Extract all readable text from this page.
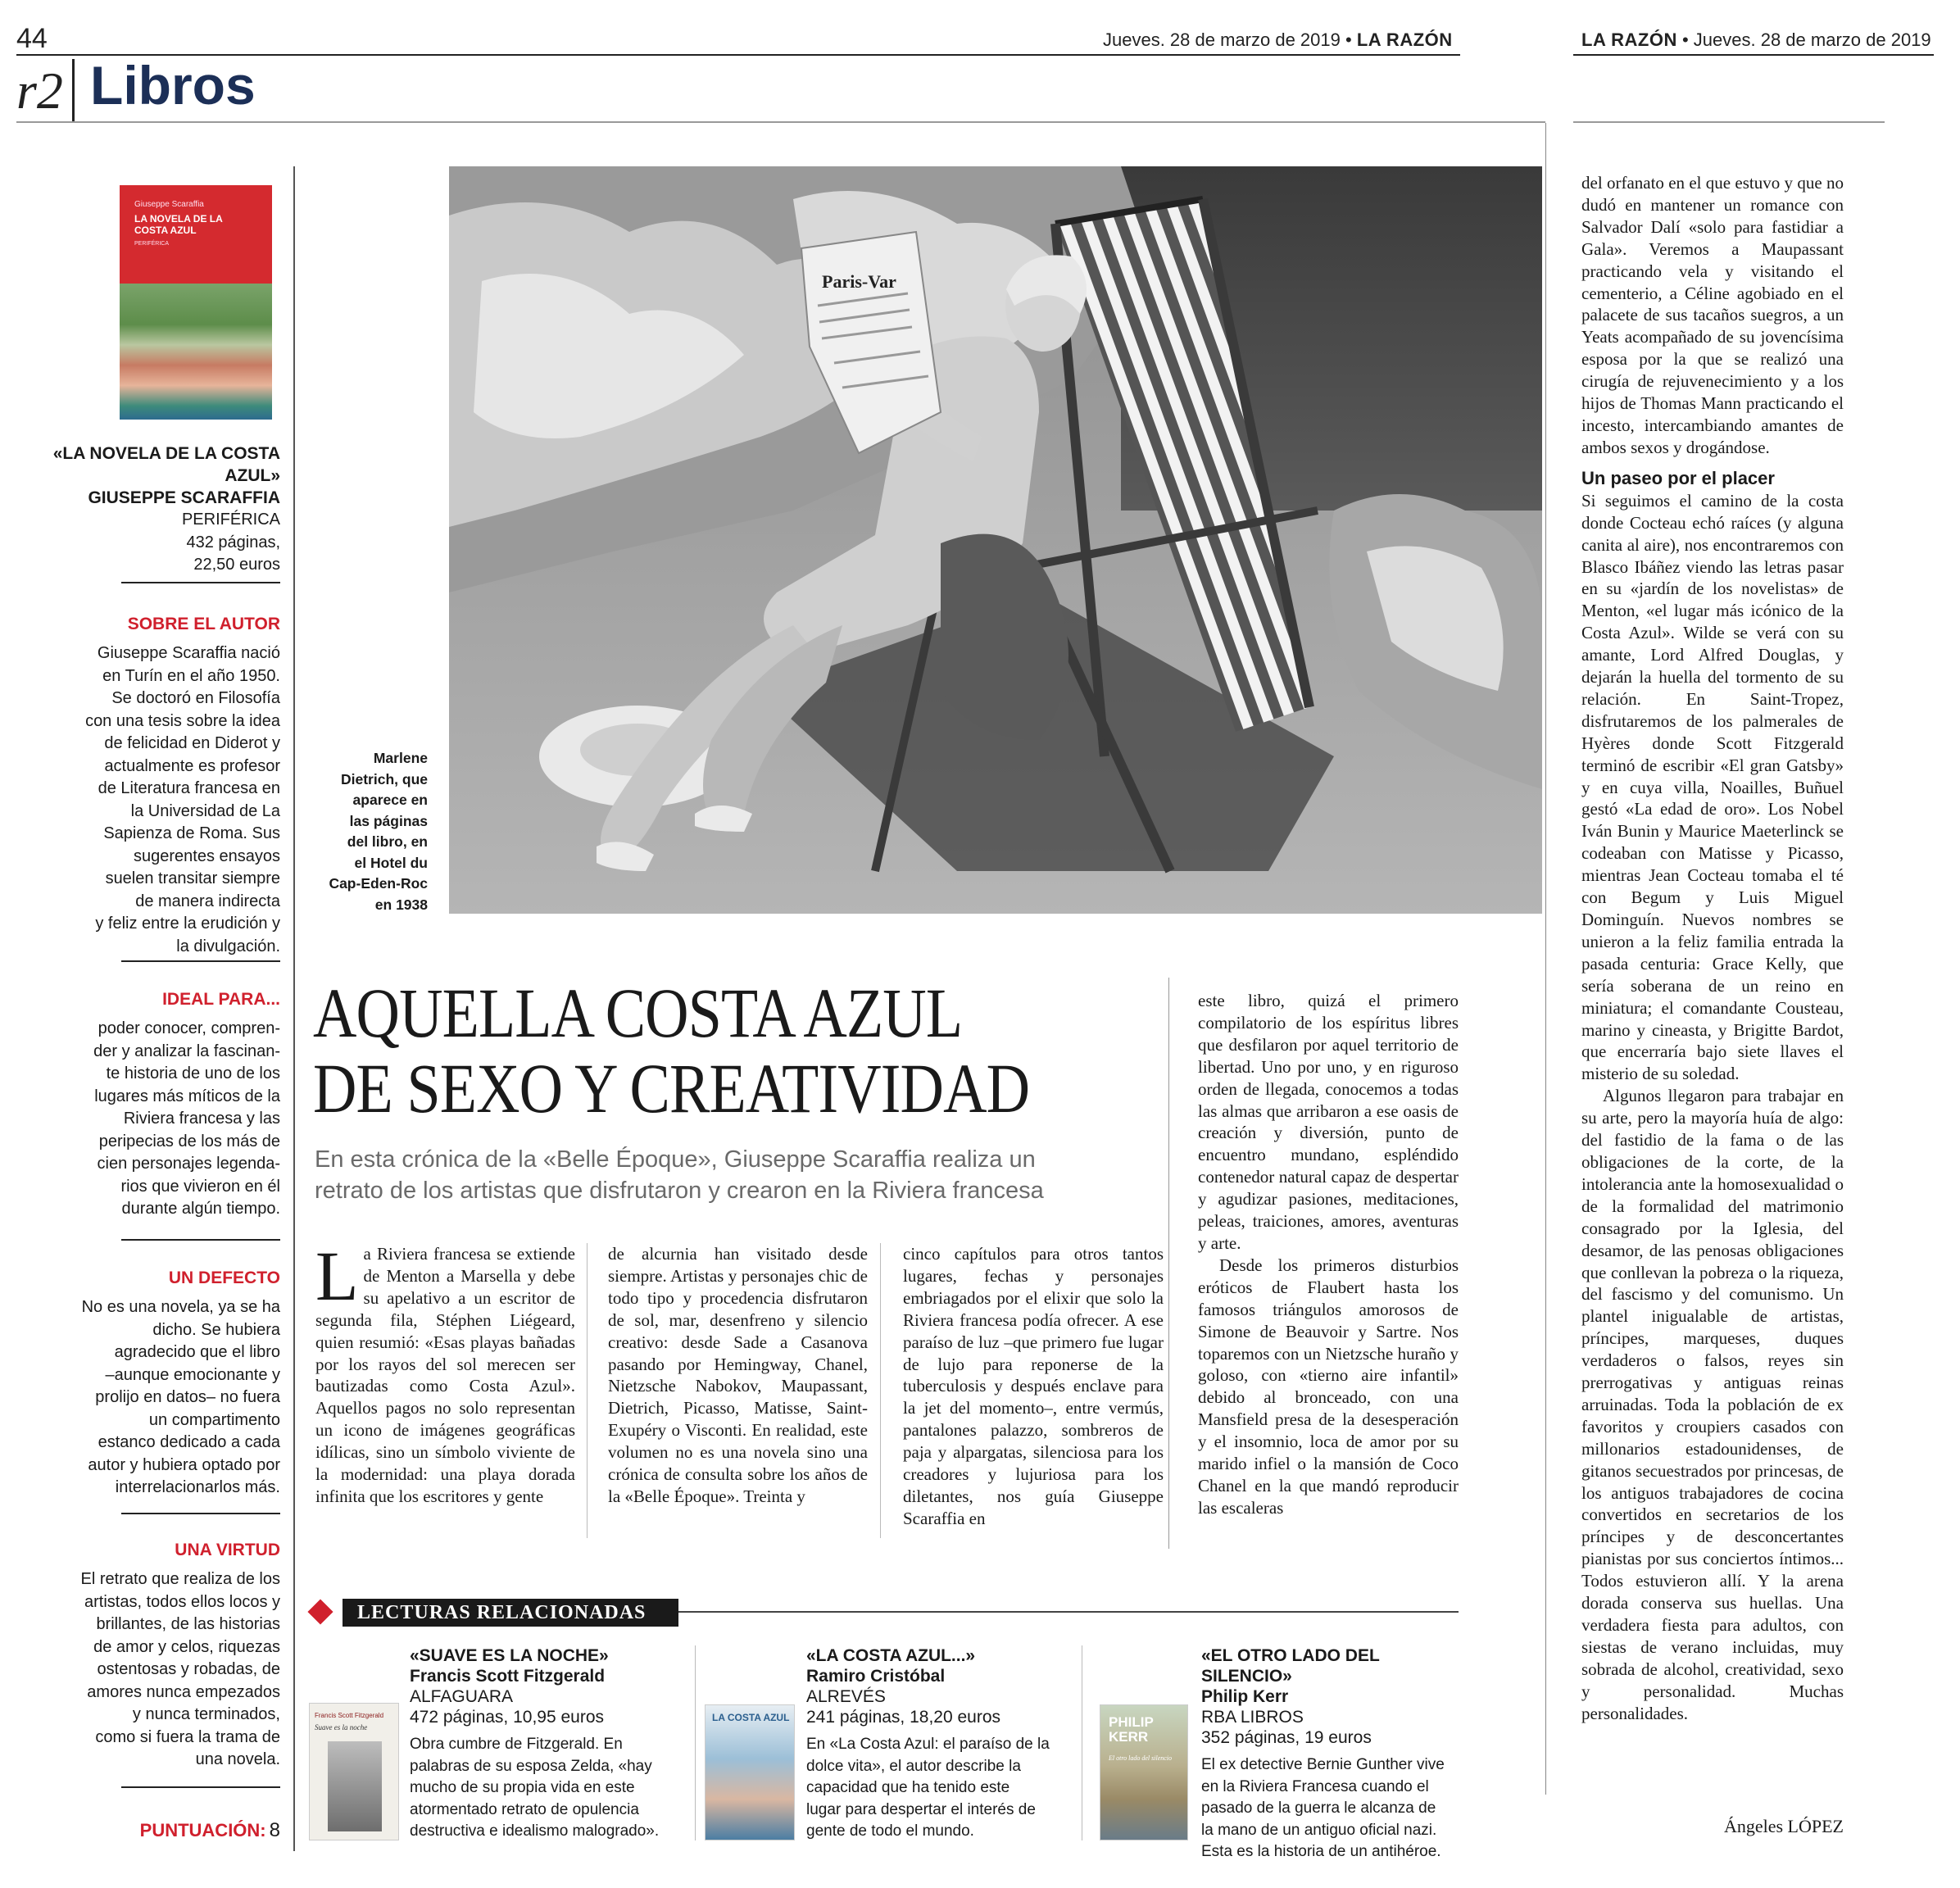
44	Jueves. 28 de marzo de 2019 • LA RAZÓN	LA RAZÓN • Jueves. 28 de marzo de 2019
r2 Libros
Giuseppe Scaraffia
LA NOVELA DE LA COSTA AZUL
PERIFÉRICA
«LA NOVELA DE LA COSTA AZUL»
GIUSEPPE SCARAFFIA
PERIFÉRICA
432 páginas,
22,50 euros
SOBRE EL AUTOR
Giuseppe Scaraffia nació
en Turín en el año 1950.
Se doctoró en Filosofía
con una tesis sobre la idea
de felicidad en Diderot y
actualmente es profesor
de Literatura francesa en
la Universidad de La
Sapienza de Roma. Sus
sugerentes ensayos
suelen transitar siempre
de manera indirecta
y feliz entre la erudición y
la divulgación.
IDEAL PARA...
poder conocer, compren-
der y analizar la fascinan-
te historia de uno de los
lugares más míticos de la
Riviera francesa y las
peripecias de los más de
cien personajes legenda-
rios que vivieron en él
durante algún tiempo.
UN DEFECTO
No es una novela, ya se ha
dicho. Se hubiera
agradecido que el libro
–aunque emocionante y
prolijo en datos– no fuera
un compartimento
estanco dedicado a cada
autor y hubiera optado por
interrelacionarlos más.
UNA VIRTUD
El retrato que realiza de los
artistas, todos ellos locos y
brillantes, de las historias
de amor y celos, riquezas
ostentosas y robadas, de
amores nunca empezados
y nunca terminados,
como si fuera la trama de
una novela.
PUNTUACIÓN: 8
Paris-Var
Marlene
Dietrich, que
aparece en
las páginas
del libro, en
el Hotel du
Cap-Eden-Roc
en 1938
AQUELLA COSTA AZUL
DE SEXO Y CREATIVIDAD
En esta crónica de la «Belle Époque», Giuseppe Scaraffia realiza un
retrato de los artistas que disfrutaron y crearon en la Riviera francesa
L a Riviera francesa se extiende de Menton a Marsella y debe su apelativo a un escritor de segunda fila, Stéphen Liégeard, quien resumió: «Esas playas bañadas por los rayos del sol merecen ser bautizadas como Costa Azul». Aquellos pagos no solo representan un icono de imágenes geográficas idílicas, sino un símbolo viviente de la modernidad: una playa dorada infinita que los escritores y gente
de alcurnia han visitado desde siempre. Artistas y personajes chic de todo tipo y procedencia disfrutaron de sol, mar, desenfreno y silencio creativo: desde Sade a Casanova pasando por Hemingway, Chanel, Nietzsche Nabokov, Maupassant, Dietrich, Picasso, Matisse, Saint-Exupéry o Visconti. En realidad, este volumen no es una novela sino una crónica de consulta sobre los años de la «Belle Époque». Treinta y
cinco capítulos para otros tantos lugares, fechas y personajes embriagados por el elixir que solo la Riviera francesa podía ofrecer. A ese paraíso de luz –que primero fue lugar de lujo para reponerse de la tuberculosis y después enclave para la jet del momento–, entre vermús, pantalones palazzo, sombreros de paja y alpargatas, silenciosa para los creadores y lujuriosa para los diletantes, nos guía Giuseppe Scaraffia en

este libro, quizá el primero compilatorio de los espíritus libres que desfilaron por aquel territorio de libertad. Uno por uno, y en riguroso orden de llegada, conocemos a todas las almas que arribaron a ese oasis de creación y diversión, punto de encuentro mundano, espléndido contenedor natural capaz de despertar y agudizar pasiones, meditaciones, peleas, traiciones, amores, aventuras y arte.

Desde los primeros disturbios eróticos de Flaubert hasta los famosos triángulos amorosos de Simone de Beauvoir y Sartre. Nos toparemos con un Nietzsche huraño y goloso, con «tierno aire infantil» debido al bronceado, con una Mansfield presa de la desesperación y el insomnio, loca de amor por su marido infiel o la mansión de Coco Chanel en la que mandó reproducir las escaleras

del orfanato en el que estuvo y que no dudó en mantener un romance con Salvador Dalí «solo para fastidiar a Gala». Veremos a Maupassant practicando vela y visitando el cementerio, a Céline agobiado en el palacete de sus tacaños suegros, a un Yeats acompañado de su jovencísima esposa por la que se realizó una cirugía de rejuvenecimiento y a los hijos de Thomas Mann practicando el incesto, intercambiando amantes de ambos sexos y drogándose.

Un paseo por el placer

Si seguimos el camino de la costa donde Cocteau echó raíces (y alguna canita al aire), nos encontraremos con Blasco Ibáñez viendo las letras pasar en su «jardín de los novelistas» de Menton, «el lugar más icónico de la Costa Azul». Wilde se verá con su amante, Lord Alfred Douglas, y dejarán la huella del tormento de su relación. En Saint-Tropez, disfrutaremos de los palmerales de Hyères donde Scott Fitzgerald terminó de escribir «El gran Gatsby» y en cuya villa, Noailles, Buñuel gestó «La edad de oro». Los Nobel Iván Bunin y Maurice Maeterlinck se codeaban con Matisse y Picasso, mientras Jean Cocteau tomaba el té con Begum y Luis Miguel Dominguín. Nuevos nombres se unieron a la feliz familia entrada la pasada centuria: Grace Kelly, que sería soberana de un reino en miniatura; el comandante Cousteau, marino y cineasta, y Brigitte Bardot, que encerraría bajo siete llaves el misterio de su soledad.

Algunos llegaron para trabajar en su arte, pero la mayoría huía de algo: del fastidio de la fama o de las obligaciones de la corte, de la intolerancia ante la homosexualidad o de la formalidad del matrimonio consagrado por la Iglesia, del desamor, de las penosas obligaciones que conllevan la pobreza o la riqueza, del fascismo y del comunismo. Un plantel inigualable de artistas, príncipes, marqueses, duques verdaderos o falsos, reyes sin prerrogativas y antiguas reinas arruinadas. Toda la población de ex favoritos y croupiers casados con millonarios estadounidenses, de gitanos secuestrados por princesas, de los antiguos trabajadores de cocina convertidos en secretarios de los príncipes y de desconcertantes pianistas por sus conciertos íntimos... Todos estuvieron allí. Y la arena dorada conserva sus huellas. Una verdadera fiesta para adultos, con siestas de verano incluidas, muy sobrada de alcohol, creatividad, sexo y personalidad. Muchas personalidades.

Ángeles LÓPEZ
LECTURAS RELACIONADAS
«SUAVE ES LA NOCHE»
Francis Scott Fitzgerald
ALFAGUARA
472 páginas, 10,95 euros
Obra cumbre de Fitzgerald. En
palabras de su esposa Zelda, «hay
mucho de su propia vida en este
atormentado retrato de opulencia
destructiva e idealismo malogrado».
Francis Scott Fitzgerald
Suave es la noche
«LA COSTA AZUL...»
Ramiro Cristóbal
ALREVÉS
241 páginas, 18,20 euros
En «La Costa Azul: el paraíso de la
dolce vita», el autor describe la
capacidad que ha tenido este
lugar para despertar el interés de
gente de todo el mundo.
LA COSTA AZUL
«EL OTRO LADO DEL SILENCIO»
Philip Kerr
RBA LIBROS
352 páginas, 19 euros
El ex detective Bernie Gunther vive
en la Riviera Francesa cuando el
pasado de la guerra le alcanza de
la mano de un antiguo oficial nazi.
Esta es la historia de un antihéroe.
PHILIP KERR
El otro lado del silencio
